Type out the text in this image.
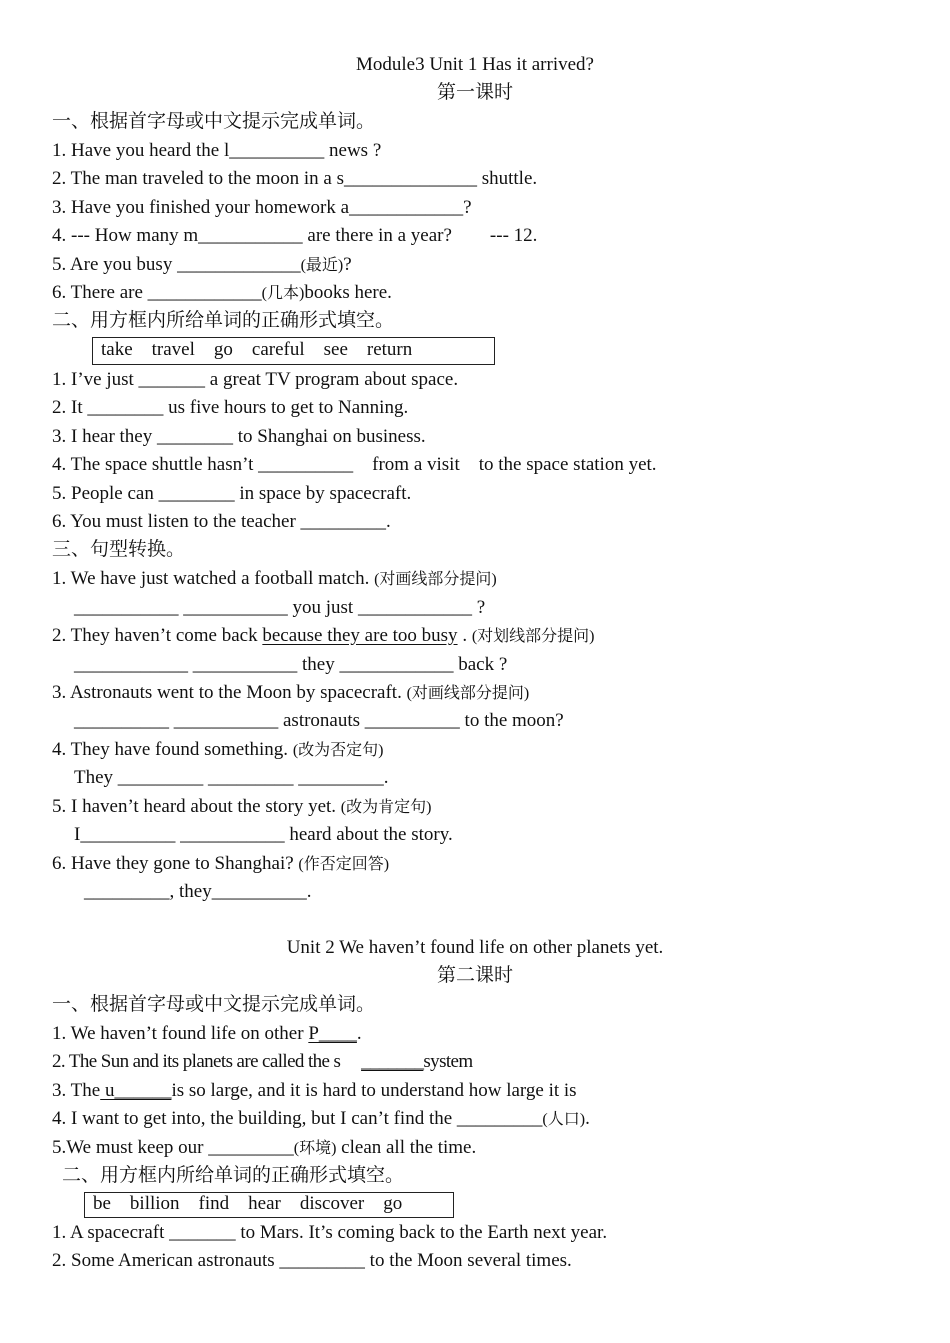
Module3 Unit 1 Has it arrived?
第一课时
一、根据首字母或中文提示完成单词。
1. Have you heard the l__________ news ?
2. The man traveled to the moon in a s______________ shuttle.
3. Have you finished your homework a____________?
4. --- How many m___________ are there in a year?        --- 12.
5. Are you busy _____________(最近)?
6. There are ____________(几本)books here.
二、用方框内所给单词的正确形式填空。
take    travel    go    careful    see    return
1. I’ve just _______ a great TV program about space.
2. It ________ us five hours to get to Nanning.
3. I hear they ________ to Shanghai on business.
4. The space shuttle hasn’t __________    from a visit    to the space station yet.
5. People can ________ in space by spacecraft.
6. You must listen to the teacher _________.
三、句型转换。
1. We have just watched a football match. (对画线部分提问)
___________ ___________ you just ____________ ?
2. They haven’t come back because they are too busy . (对划线部分提问)
____________ ___________ they ____________ back ?
3. Astronauts went to the Moon by spacecraft. (对画线部分提问)
__________ ___________ astronauts __________ to the moon?
4. They have found something. (改为否定句)
They _________ _________ _________.
5. I haven’t heard about the story yet. (改为肯定句)
I__________ ___________ heard about the story.
6. Have they gone to Shanghai? (作否定回答)
_________, they__________.
Unit 2 We haven’t found life on other planets yet.
第二课时
一、根据首字母或中文提示完成单词。
1. We haven’t found life on other P____.
2. The Sun and its planets are called the s     _______system
3. The u______is so large, and it is hard to understand how large it is
4. I want to get into, the building, but I can’t find the _________(人口).
5.We must keep our _________(环境) clean all the time.
二、用方框内所给单词的正确形式填空。
be    billion    find    hear    discover    go
1. A spacecraft _______ to Mars. It’s coming back to the Earth next year.
2. Some American astronauts _________ to the Moon several times.
